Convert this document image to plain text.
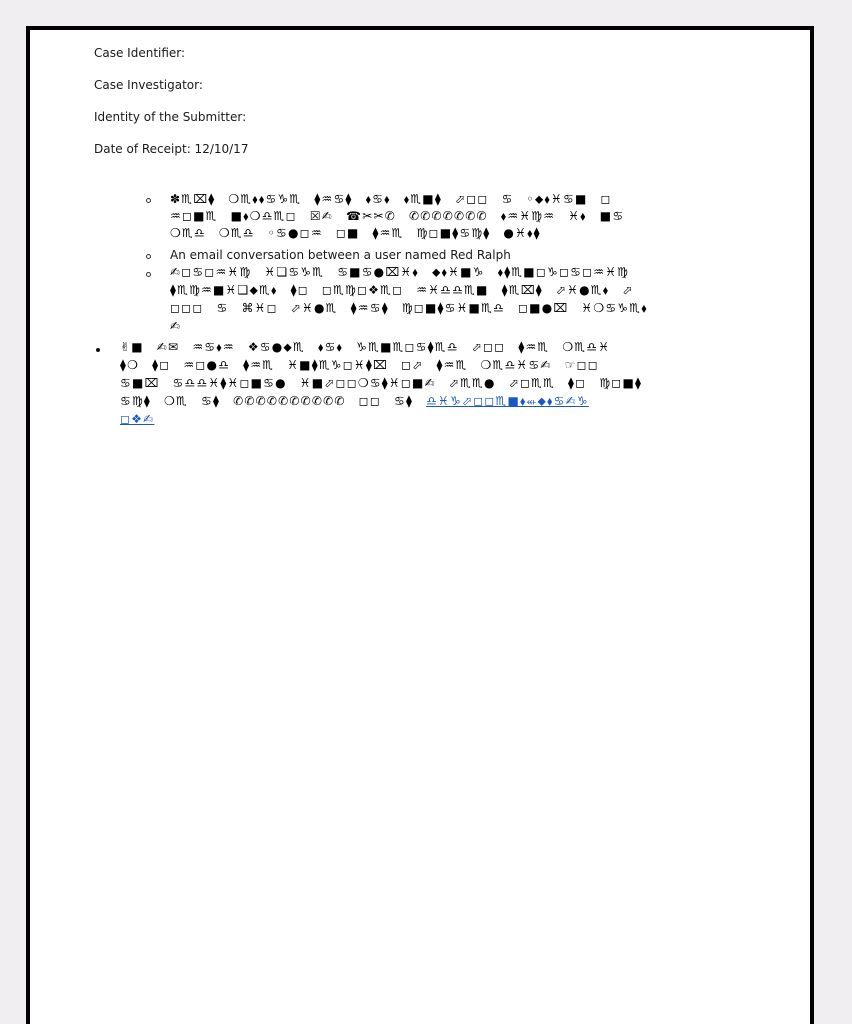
Case Identifier:
Case Investigator:
Identity of the Submitter:
Date of Receipt: 12/10/17
✽♏⌧⧫ ❍♏⬧⬧♋♑♏ ⧫♒♋⧫ ⬧♋⬧ ⬧♏■⧫ ⬀◻◻ ♋ ◦⬥⬧♓♋■ ◻
♒◻■♏ ■⬧❍♎♏◻ ☒✍ ☎✂✂✆ ✆✆✆✆✆✆✆ ⬧♒♓♍♒ ♓⬧ ■♋
❍♏♎ ❍♏♎ ◦♋●◻♒ ◻■ ⧫♒♏ ♍◻■⧫♋♍⧫ ●♓⬧⧫
An email conversation between a user named Red Ralph
✍◻♋◻♒♓♍ ♓❏♋♑♏ ♋■♋●⌧♓⬧ ⬥⬧♓■♑ ⬧⧫♏■◻♑◻♋◻♒♓♍
⧫♏♍♒■♓❑⬥♏⬧ ⧫◻ ◻♏♍◻❖♏◻ ♒♓♎♎♏■ ⧫♏⌧⧫ ⬀♓●♏⬧ ⬀
◻◻◻ ♋ ⌘♓◻ ⬀♓●♏ ⧫♒♋⧫ ♍◻■⧫♋♓■♏♎ ◻■●⌧ ♓❍♋♑♏⬧
✍
✌■ ✍✉ ♒♋⬧♒ ❖♋●⬥♏ ⬧♋⬧ ♑♏■♏◻♋⧫♏♎ ⬀◻◻ ⧫♒♏ ❍♏♎♓
⧫❍ ⧫◻ ♒◻●♎ ⧫♒♏ ♓■⧫♏♑◻♓⧫⌧ ◻⬀ ⧫♒♏ ❍♏♎♓♋✍ ☞◻◻
♋■⌧ ♋♎♎♓⧫♓◻■♋● ♓■⬀◻◻❍♋⧫♓◻■✍ ⬀♏♏● ⬀◻♏♏ ⧫◻ ♍◻■⧫
♋♍⧫ ❍♏ ♋⧫ ✆✆✆✆✆✆✆✆✆✆ ◻◻ ♋⧫ ♎♓♑⬀◻◻♏■⬧⬴⬥⬧♋✍♑
◻❖✍
